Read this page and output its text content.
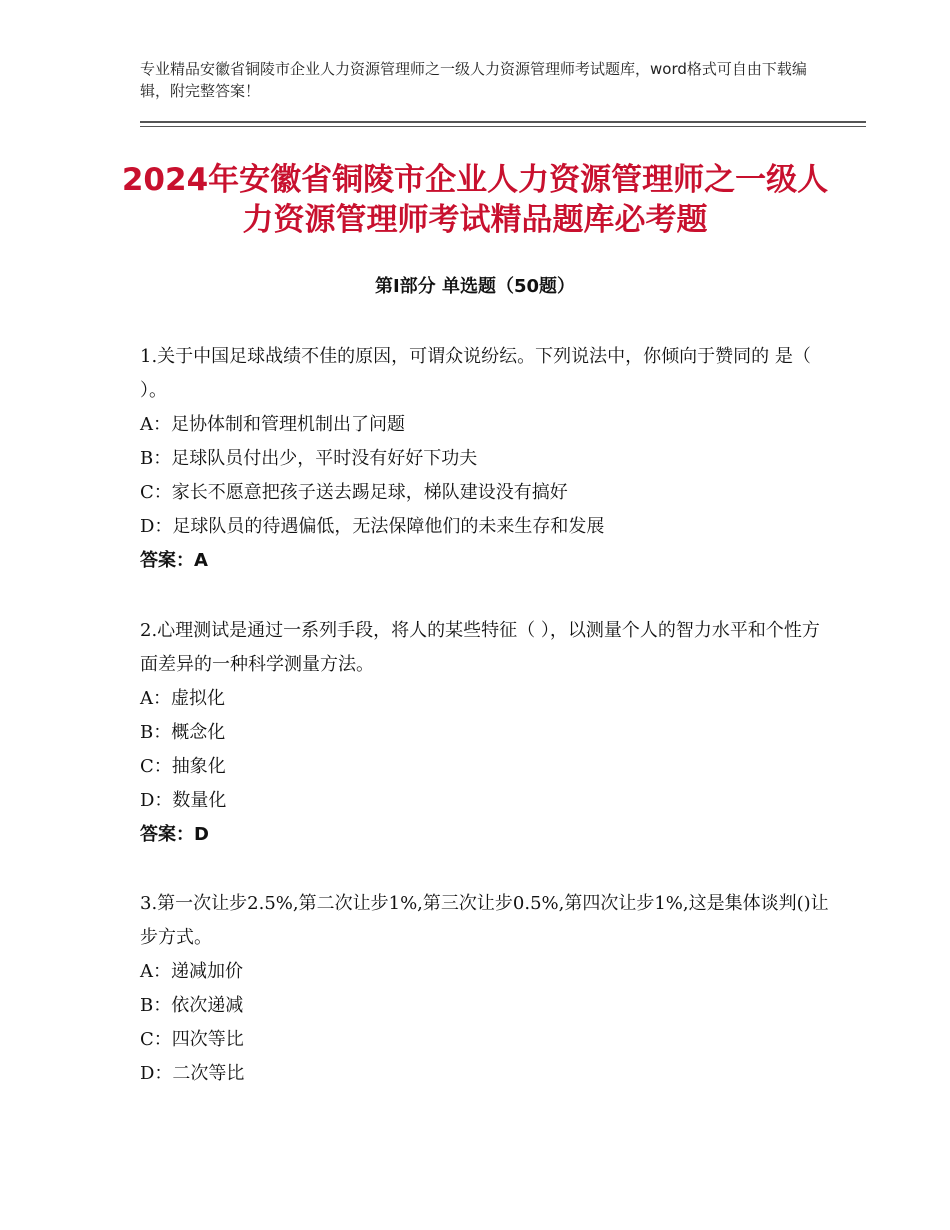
专业精品安徽省铜陵市企业人力资源管理师之一级人力资源管理师考试题库，word格式可自由下载编辑，附完整答案！
2024年安徽省铜陵市企业人力资源管理师之一级人力资源管理师考试精品题库必考题
第Ⅰ部分 单选题（50题）

1.关于中国足球战绩不佳的原因，可谓众说纷纭。下列说法中，你倾向于赞同的 是（ ）。

A：足协体制和管理机制出了问题

B：足球队员付出少，平时没有好好下功夫

C：家长不愿意把孩子送去踢足球，梯队建设没有搞好

D：足球队员的待遇偏低，无法保障他们的未来生存和发展

答案：A

2.心理测试是通过一系列手段，将人的某些特征（ ），以测量个人的智力水平和个性方面差异的一种科学测量方法。

A：虚拟化

B：概念化

C：抽象化

D：数量化

答案：D

3.第一次让步2.5%,第二次让步1%,第三次让步0.5%,第四次让步1%,这是集体谈判()让步方式。

A：递减加价

B：依次递减

C：四次等比

D：二次等比
